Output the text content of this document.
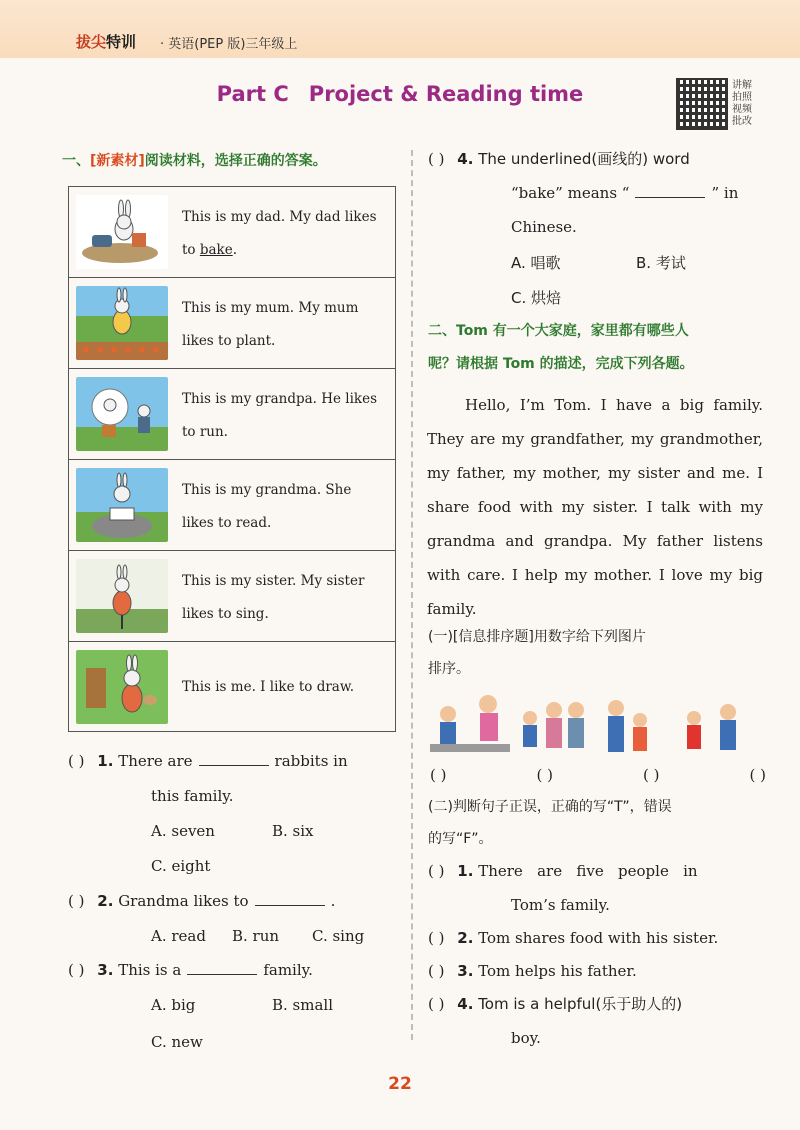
拔尖特训 · 英语(PEP 版)三年级上
Part C Project & Reading time	讲解拍照视频批改
一、[新素材]阅读材料，选择正确的答案。
This is my dad. My dad likes
to bake.
This is my mum. My mum
likes to plant.
This is my grandpa. He likes
to run.
This is my grandma. She
likes to read.
This is my sister. My sister
likes to sing.
This is me. I like to draw.
( ) 1. There are	rabbits in
this family.
A. seven	B. six
C. eight
( ) 2. Grandma likes to	.
A. read B. run C. sing
( ) 3. This is a	family.
A. big	B. small
C. new
( ) 4. The underlined(画线的) word
“bake” means “	” in
Chinese.
A. 唱歌	B. 考试
C. 烘焙
二、Tom 有一个大家庭，家里都有哪些人
呢？请根据 Tom 的描述，完成下列各题。

Hello, I’m Tom. I have a big family. They are my grandfather, my grandmother, my father, my mother, my sister and me. I share food with my sister. I talk with my grandma and grandpa. My father listens with care. I help my mother. I love my big family.

(一)[信息排序题]用数字给下列图片
排序。
( )	( )	( )	( )
(二)判断句子正误，正确的写“T”，错误
的写“F”。
( ) 1. There   are   five   people   in
Tom’s family.
( ) 2. Tom shares food with his sister.
( ) 3. Tom helps his father.
( ) 4. Tom is a helpful(乐于助人的)
boy.
22
